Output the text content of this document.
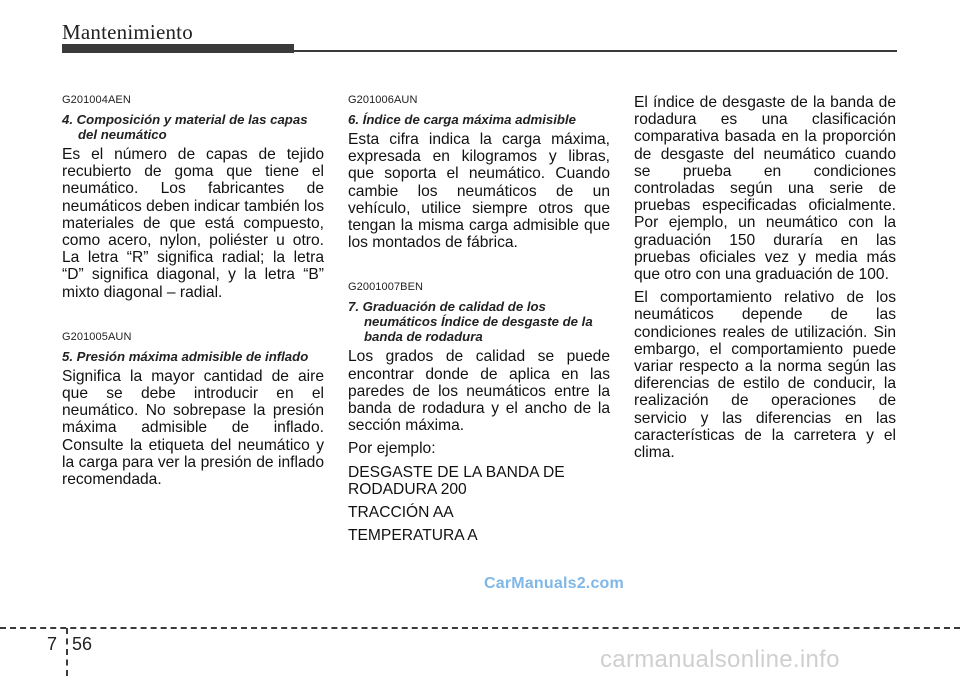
Mantenimiento
G201004AEN
4. Composición y material de las capas del neumático
Es el número de capas de tejido recubierto de goma que tiene el neumático. Los fabricantes de neumáticos deben indicar también los materiales de que está compuesto, como acero, nylon, poliéster u otro. La letra “R” significa radial; la letra “D” significa diagonal, y la letra “B” mixto diagonal – radial.
G201005AUN
5. Presión máxima admisible de inflado
Significa la mayor cantidad de aire que se debe introducir en el neumático. No sobrepase la presión máxima admisible de inflado. Consulte la etiqueta del neumático y la carga para ver la presión de inflado recomendada.
G201006AUN
6. Índice de carga máxima admisible
Esta cifra indica la carga máxima, expresada en kilogramos y libras, que soporta el neumático. Cuando cambie los neumáticos de un vehículo, utilice siempre otros que tengan la misma carga admisible que los montados de fábrica.
G2001007BEN
7. Graduación de calidad de los neumáticos Índice de desgaste de la banda de rodadura
Los grados de calidad se puede encontrar donde de aplica en las paredes de los neumáticos entre la banda de rodadura y el ancho de la sección máxima.
Por ejemplo:
DESGASTE DE LA BANDA DE RODADURA 200
TRACCIÓN AA
TEMPERATURA A
El índice de desgaste de la banda de rodadura es una clasificación comparativa basada en la proporción de desgaste del neumático cuando se prueba en condiciones controladas según una serie de pruebas especificadas oficialmente. Por ejemplo, un neumático con la graduación 150 duraría en las pruebas oficiales vez y media más que otro con una graduación de 100.
El comportamiento relativo de los neumáticos depende de las condiciones reales de utilización. Sin embargo, el comportamiento puede variar respecto a la norma según las diferencias de estilo de conducir, la realización de operaciones de servicio y las diferencias en las características de la carretera y el clima.
CarManuals2.com
7 56
carmanualsonline.info
